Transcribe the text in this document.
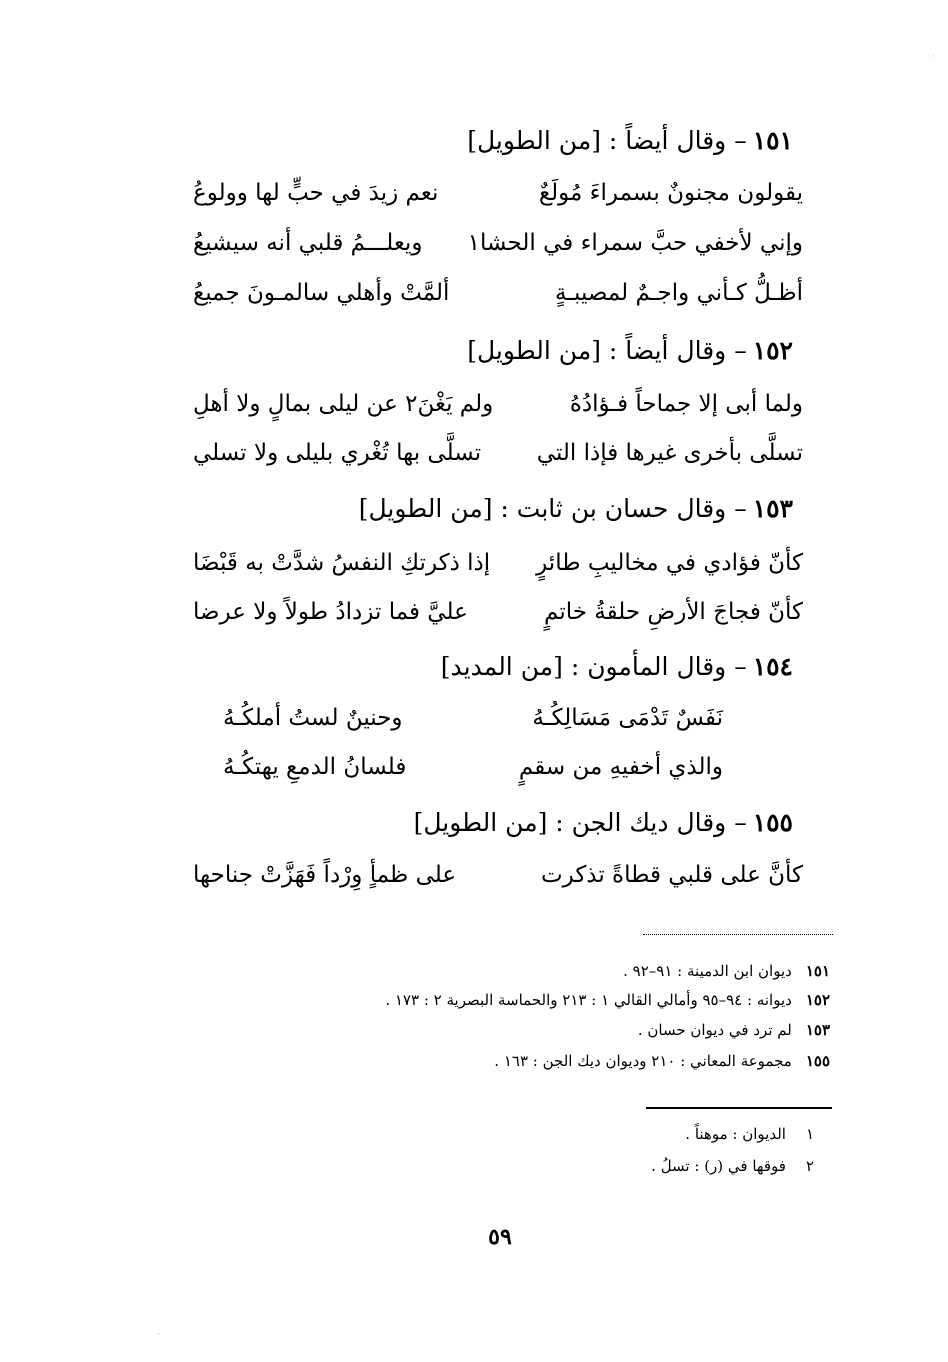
١٥١– وقال أيضاً : [من الطويل]
يقولون مجنونٌ بسمراءَ مُولَعٌ
نعم زيدَ في حبٍّ لها وولوعُ
وإني لأخفي حبَّ سمراء في الحشا١
ويعلـــمُ قلبي أنه سيشيعُ
أظـلُّ كـأني واجـمٌ لمصيبـةٍ
ألمَّتْ وأهلي سالمـونَ جميعُ
١٥٢– وقال أيضاً : [من الطويل]
ولما أبى إلا جماحاً فـؤادُهُ
ولم يَغْنَ٢ عن ليلى بمالٍ ولا أهلِ
تسلَّى بأخرى غيرها فإذا التي
تسلَّى بها تُغْري بليلى ولا تسلي
١٥٣– وقال حسان بن ثابت : [من الطويل]
كأنّ فؤادي في مخاليبِ طائرٍ
إذا ذكرتكِ النفسُ شدَّتْ به قَبْضَا
كأنّ فجاجَ الأرضِ حلقةُ خاتمٍ
عليَّ فما تزدادُ طولاً ولا عرضا
١٥٤– وقال المأمون : [من المديد]
نَفَسٌ تَدْمَى مَسَالِكُـهُ
وحنينٌ لستُ أملكُـهُ
والذي أخفيهِ من سقمٍ
فلسانُ الدمعِ يهتكُـهُ
١٥٥– وقال ديك الجن : [من الطويل]
كأنَّ على قلبي قطاةً تذكرت
على ظمأٍ وِرْداً فَهَزَّتْ جناحها
١٥١ديوان ابن الدمينة : ٩١–٩٢ .
١٥٢ديوانه : ٩٤–٩٥ وأمالي القالي ١ : ٢١٣ والحماسة البصرية ٢ : ١٧٣ .
١٥٣لم ترد في ديوان حسان .
١٥٥مجموعة المعاني : ٢١٠ وديوان ديك الجن : ١٦٣ .
١الديوان : موهناً .
٢فوقها في (ر) : تسلُ .
٥٩
·
·
